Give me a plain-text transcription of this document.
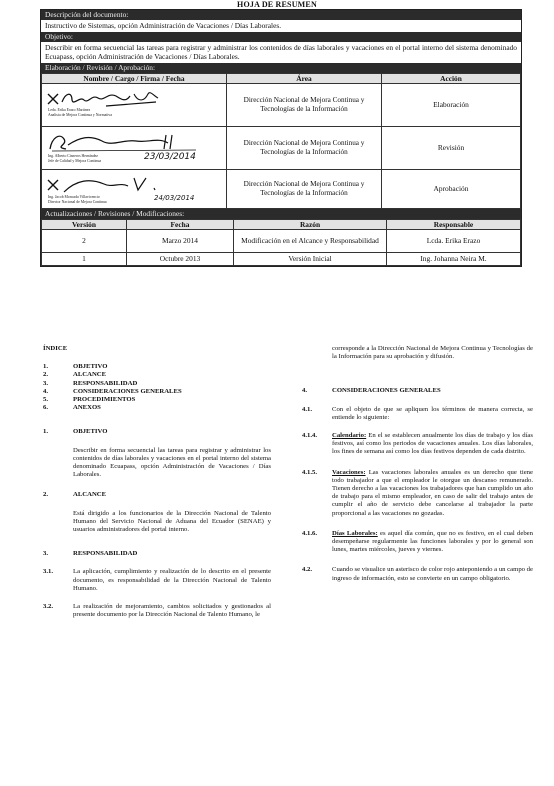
HOJA DE RESUMEN
Descripción del documento:
Instructivo de Sistemas, opción Administración de Vacaciones / Días Laborales.
Objetivo:
Describir en forma secuencial las tareas para registrar y administrar los contenidos de días laborales y vacaciones en el portal interno del sistema denominado Ecuapass, opción Administración de Vacaciones / Días Laborales.
Elaboración / Revisión / Aprobación:
Nombre / Cargo / Firma / Fecha	Área	Acción

Leda. Erika Erazo Martinez
Analista de Mejora Continua y Normativa	Dirección Nacional de Mejora Continua y Tecnologías de la Información	Elaboración

Ing. Alberto Cisneros Hernández
Jefe de Calidad y Mejora Continua 23/03/2014	Dirección Nacional de Mejora Continua y Tecnologías de la Información	Revisión

Ing. Jacob Moncada Villavicencio
Director Nacional de Mejora Continua 24/03/2014	Dirección Nacional de Mejora Continua y Tecnologías de la Información	Aprobación
Actualizaciones / Revisiones / Modificaciones:
Versión	Fecha	Razón	Responsable
2	Marzo 2014	Modificación en el Alcance y Responsabilidad	Lcda. Erika Erazo
1	Octubre 2013	Versión Inicial	Ing. Johanna Neira M.
ÍNDICE
1.	OBJETIVO
2.	ALCANCE
3.	RESPONSABILIDAD
4.	CONSIDERACIONES GENERALES
5.	PROCEDIMIENTOS
6.	ANEXOS
1.	OBJETIVO
Describir en forma secuencial las tareas para registrar y administrar los contenidos de días laborales y vacaciones en el portal interno del sistema denominado Ecuapass, opción Administración de Vacaciones / Días Laborales.
2.	ALCANCE
Está dirigido a los funcionarios de la Dirección Nacional de Talento Humano del Servicio Nacional de Aduana del Ecuador (SENAE) y usuarios administradores del portal interno.
3.	RESPONSABILIDAD
3.1.	La aplicación, cumplimiento y realización de lo descrito en el presente documento, es responsabilidad de la Dirección Nacional de Talento Humano.
3.2.	La realización de mejoramiento, cambios solicitados y gestionados al presente documento por la Dirección Nacional de Talento Humano, le
corresponde a la Dirección Nacional de Mejora Continua y Tecnologías de la Información para su aprobación y difusión.
4.	CONSIDERACIONES GENERALES
4.1.	Con el objeto de que se apliquen los términos de manera correcta, se entiende lo siguiente:
4.1.4.	Calendario: En el se establecen anualmente los días de trabajo y los días festivos, así como los periodos de vacaciones anuales. Los días laborales, los fines de semana así como los días festivos dependen de cada distrito.
4.1.5.	Vacaciones: Las vacaciones laborales anuales es un derecho que tiene todo trabajador a que el empleador le otorgue un descanso remunerado. Tienen derecho a las vacaciones los trabajadores que han cumplido un año de trabajo para el mismo empleador, en caso de salir del trabajo antes de cumplir el año de servicio debe cancelarse al trabajador la parte proporcional a las vacaciones no gozadas.
4.1.6.	Días Laborales: es aquel día común, que no es festivo, en el cual deben desempeñarse regularmente las funciones laborales y por lo general son lunes, martes miércoles, jueves y viernes.
4.2.	Cuando se visualice un asterisco de color rojo anteponiendo a un campo de ingreso de información, esto se convierte en un campo obligatorio.
